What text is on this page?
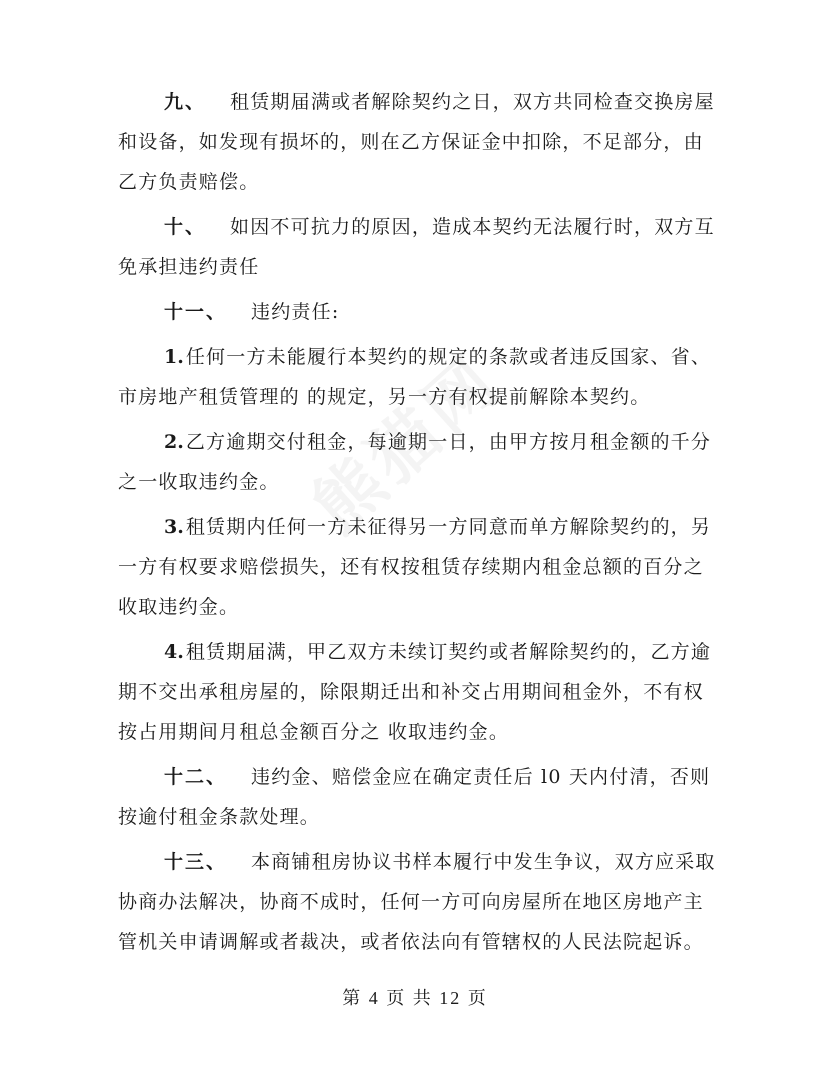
九、 租赁期届满或者解除契约之日，双方共同检查交换房屋和设备，如发现有损坏的，则在乙方保证金中扣除，不足部分，由乙方负责赔偿。

十、 如因不可抗力的原因，造成本契约无法履行时，双方互免承担违约责任

十一、 违约责任:

1. 任何一方未能履行本契约的规定的条款或者违反国家、省、市房地产租赁管理的 的规定，另一方有权提前解除本契约。

2. 乙方逾期交付租金，每逾期一日，由甲方按月租金额的千分之一收取违约金。

3. 租赁期内任何一方未征得另一方同意而单方解除契约的，另一方有权要求赔偿损失，还有权按租赁存续期内租金总额的百分之 收取违约金。

4. 租赁期届满，甲乙双方未续订契约或者解除契约的，乙方逾期不交出承租房屋的，除限期迁出和补交占用期间租金外，不有权按占用期间月租总金额百分之 收取违约金。

十二、 违约金、赔偿金应在确定责任后 l0 天内付清，否则按逾付租金条款处理。

十三、 本商铺租房协议书样本履行中发生争议，双方应采取协商办法解决，协商不成时，任何一方可向房屋所在地区房地产主管机关申请调解或者裁决，或者依法向有管辖权的人民法院起诉。

第 4 页 共 12 页
